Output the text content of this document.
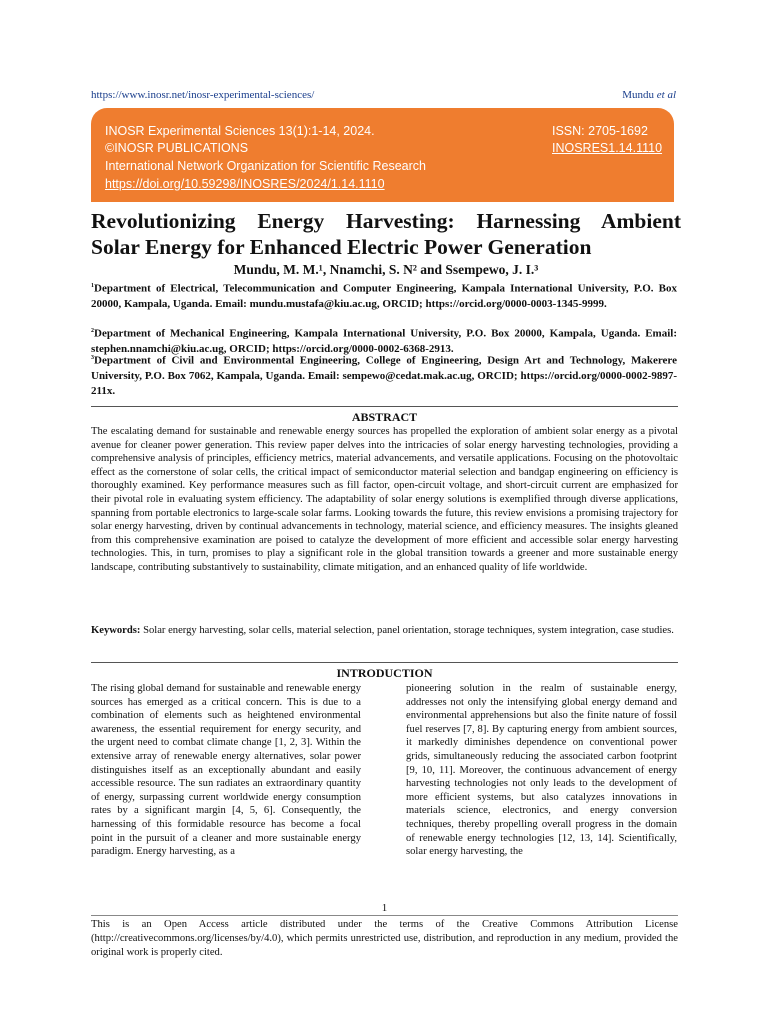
https://www.inosr.net/inosr-experimental-sciences/	Mundu et al
INOSR Experimental Sciences 13(1):1-14, 2024.
©INOSR PUBLICATIONS
International Network Organization for Scientific Research
https://doi.org/10.59298/INOSRES/2024/1.14.1110
ISSN: 2705-1692
INOSRES1.14.1110
Revolutionizing Energy Harvesting: Harnessing Ambient
Solar Energy for Enhanced Electric Power Generation
Mundu, M. M.¹, Nnamchi, S. N² and Ssempewo, J. I.³
$^1$Department of Electrical, Telecommunication and Computer Engineering, Kampala International University, P.O. Box 20000, Kampala, Uganda. Email: mundu.mustafa@kiu.ac.ug, ORCID; https://orcid.org/0000-0003-1345-9999.
$^2$Department of Mechanical Engineering, Kampala International University, P.O. Box 20000, Kampala, Uganda. Email: stephen.nnamchi@kiu.ac.ug, ORCID; https://orcid.org/0000-0002-6368-2913.
$^3$Department of Civil and Environmental Engineering, College of Engineering, Design Art and Technology, Makerere University, P.O. Box 7062, Kampala, Uganda. Email: sempewo@cedat.mak.ac.ug, ORCID; https://orcid.org/0000-0002-9897-211x.
ABSTRACT
The escalating demand for sustainable and renewable energy sources has propelled the exploration of ambient solar energy as a pivotal avenue for cleaner power generation. This review paper delves into the intricacies of solar energy harvesting technologies, providing a comprehensive analysis of principles, efficiency metrics, material advancements, and versatile applications. Focusing on the photovoltaic effect as the cornerstone of solar cells, the critical impact of semiconductor material selection and bandgap engineering on efficiency is thoroughly examined. Key performance measures such as fill factor, open-circuit voltage, and short-circuit current are emphasized for their pivotal role in evaluating system efficiency. The adaptability of solar energy solutions is exemplified through diverse applications, spanning from portable electronics to large-scale solar farms. Looking towards the future, this review envisions a promising trajectory for solar energy harvesting, driven by continual advancements in technology, material science, and efficiency measures. The insights gleaned from this comprehensive examination are poised to catalyze the development of more efficient and accessible solar energy harvesting technologies. This, in turn, promises to play a significant role in the global transition towards a greener and more sustainable energy landscape, contributing substantively to sustainability, climate mitigation, and an enhanced quality of life worldwide.
Keywords: Solar energy harvesting, solar cells, material selection, panel orientation, storage techniques, system integration, case studies.
INTRODUCTION
The rising global demand for sustainable and renewable energy sources has emerged as a critical concern. This is due to a combination of elements such as heightened environmental awareness, the essential requirement for energy security, and the urgent need to combat climate change [1, 2, 3]. Within the extensive array of renewable energy alternatives, solar power distinguishes itself as an exceptionally abundant and easily accessible resource. The sun radiates an extraordinary quantity of energy, surpassing current worldwide energy consumption rates by a significant margin [4, 5, 6]. Consequently, the harnessing of this formidable resource has become a focal point in the pursuit of a cleaner and more sustainable energy paradigm. Energy harvesting, as a
pioneering solution in the realm of sustainable energy, addresses not only the intensifying global energy demand and environmental apprehensions but also the finite nature of fossil fuel reserves [7, 8]. By capturing energy from ambient sources, it markedly diminishes dependence on conventional power grids, simultaneously reducing the associated carbon footprint [9, 10, 11]. Moreover, the continuous advancement of energy harvesting technologies not only leads to the development of more efficient systems, but also catalyzes innovations in materials science, electronics, and energy conversion techniques, thereby propelling overall progress in the domain of renewable energy technologies [12, 13, 14]. Scientifically, solar energy harvesting, the
1
This is an Open Access article distributed under the terms of the Creative Commons Attribution License (http://creativecommons.org/licenses/by/4.0), which permits unrestricted use, distribution, and reproduction in any medium, provided the original work is properly cited.
